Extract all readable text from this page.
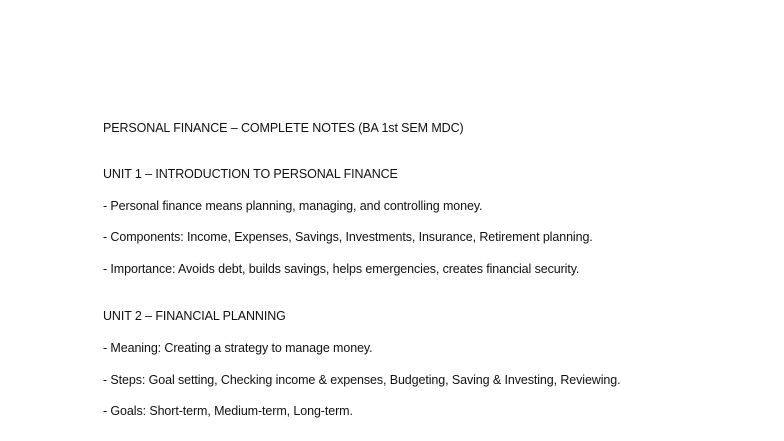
PERSONAL FINANCE – COMPLETE NOTES (BA 1st SEM MDC)
UNIT 1 – INTRODUCTION TO PERSONAL FINANCE
- Personal finance means planning, managing, and controlling money.
- Components: Income, Expenses, Savings, Investments, Insurance, Retirement planning.
- Importance: Avoids debt, builds savings, helps emergencies, creates financial security.
UNIT 2 – FINANCIAL PLANNING
- Meaning: Creating a strategy to manage money.
- Steps: Goal setting, Checking income & expenses, Budgeting, Saving & Investing, Reviewing.
- Goals: Short-term, Medium-term, Long-term.
